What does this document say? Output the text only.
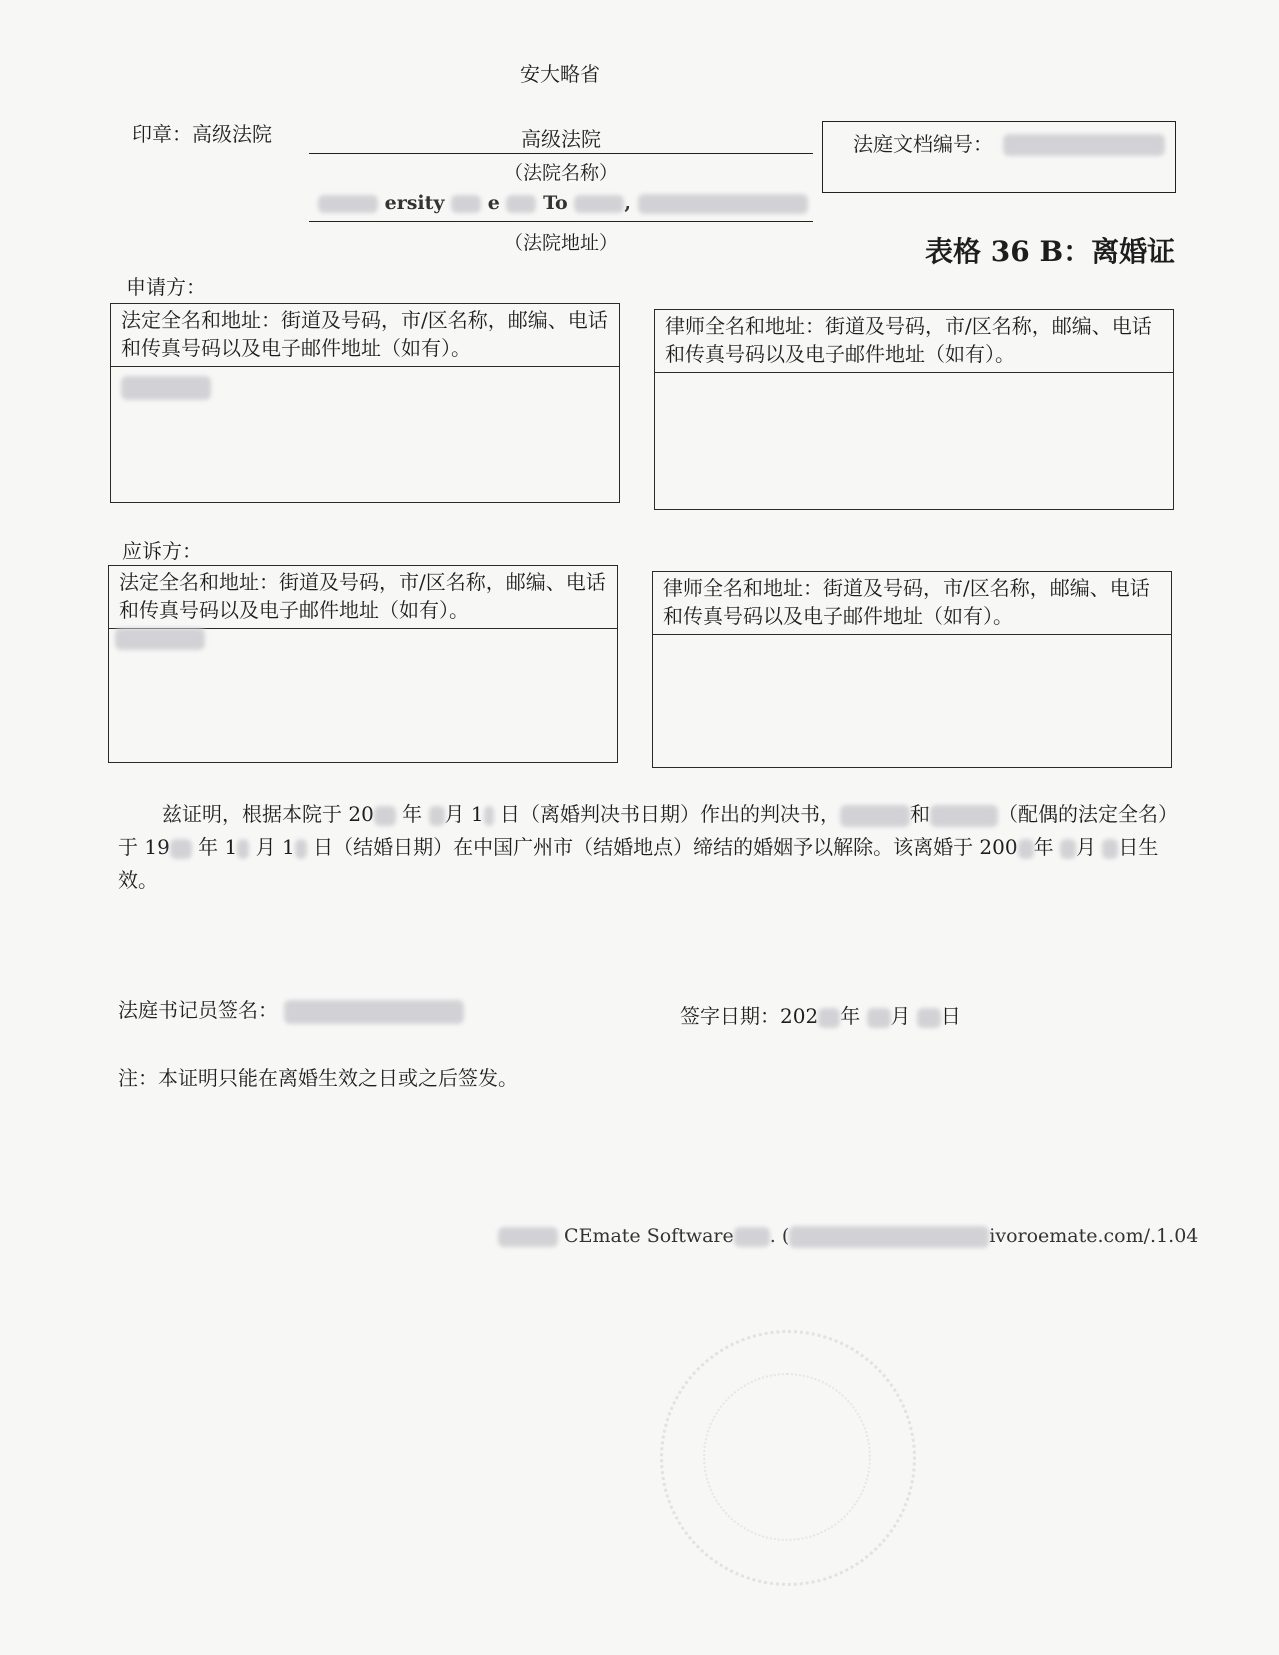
安大略省
印章：高级法院	高级法院
（法院名称）
ersity e To	,
（法院地址）
法庭文档编号：
表格 36 B：离婚证
申请方：
法定全名和地址：街道及号码，市/区名称，邮编、电话和传真号码以及电子邮件地址（如有）。
律师全名和地址：街道及号码，市/区名称，邮编、电话和传真号码以及电子邮件地址（如有）。
应诉方：
法定全名和地址：街道及号码，市/区名称，邮编、电话和传真号码以及电子邮件地址（如有）。
律师全名和地址：街道及号码，市/区名称，邮编、电话和传真号码以及电子邮件地址（如有）。

兹证明，根据本院于 20 年 月 1 日（离婚判决书日期）作出的判决书，	和	（配偶的法定全名）于 19 年 1 月 1 日（结婚日期）在中国广州市（结婚地点）缔结的婚姻予以解除。该离婚于 200 年 月 日生效。

法庭书记员签名：	签字日期：202 年 月 日
注：本证明只能在离婚生效之日或之后签发。
CEmate Software . (	ivoroemate.com/.1.04
